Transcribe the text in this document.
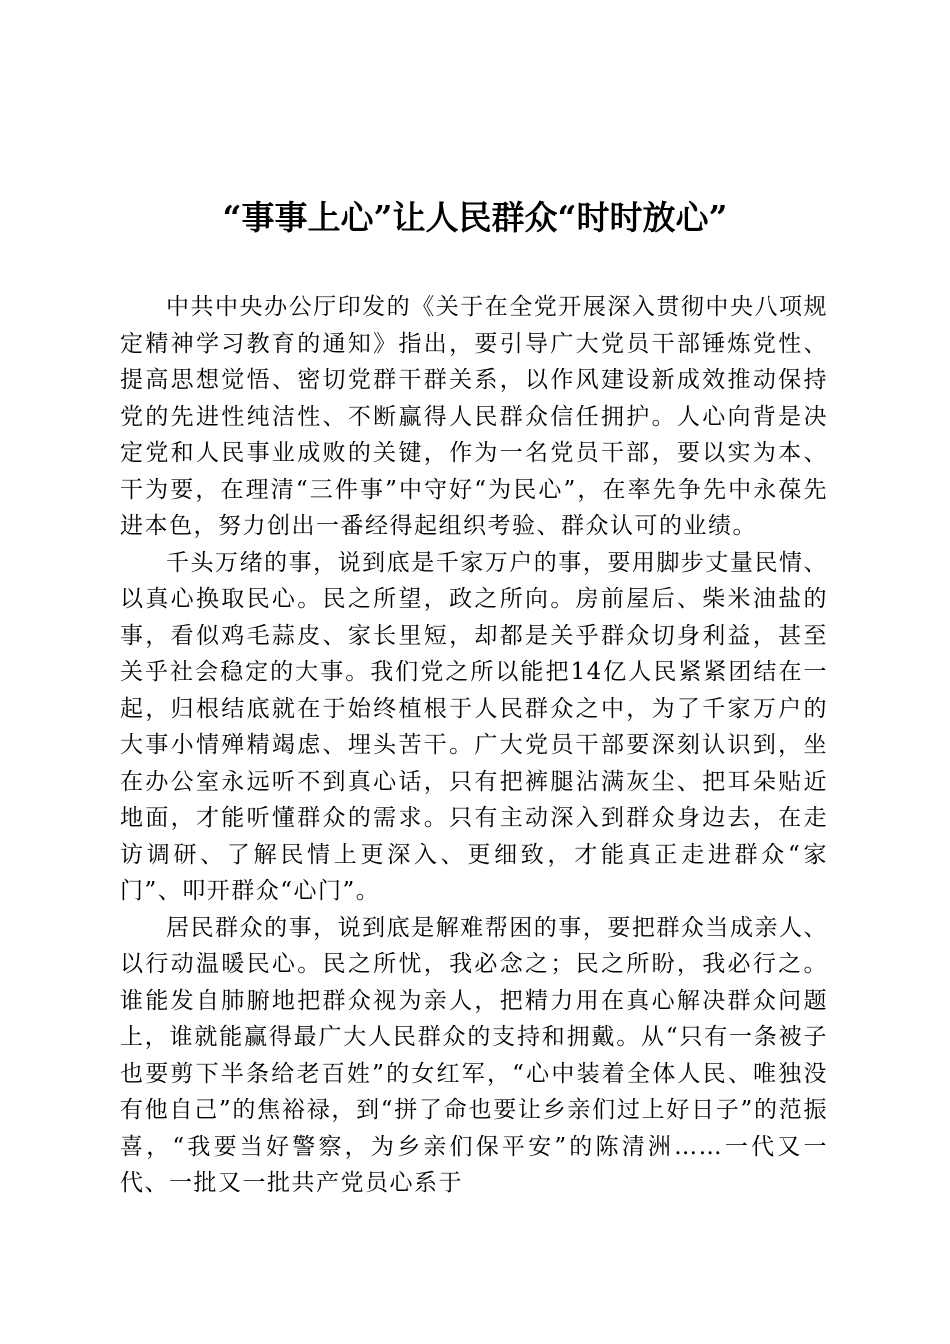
“事事上心”让人民群众“时时放心”

中共中央办公厅印发的《关于在全党开展深入贯彻中央八项规定精神学习教育的通知》指出，要引导广大党员干部锤炼党性、提高思想觉悟、密切党群干群关系，以作风建设新成效推动保持党的先进性纯洁性、不断赢得人民群众信任拥护。人心向背是决定党和人民事业成败的关键，作为一名党员干部，要以实为本、干为要，在理清“三件事”中守好“为民心”，在率先争先中永葆先进本色，努力创出一番经得起组织考验、群众认可的业绩。

千头万绪的事，说到底是千家万户的事，要用脚步丈量民情、以真心换取民心。民之所望，政之所向。房前屋后、柴米油盐的事，看似鸡毛蒜皮、家长里短，却都是关乎群众切身利益，甚至关乎社会稳定的大事。我们党之所以能把14亿人民紧紧团结在一起，归根结底就在于始终植根于人民群众之中，为了千家万户的大事小情殚精竭虑、埋头苦干。广大党员干部要深刻认识到，坐在办公室永远听不到真心话，只有把裤腿沾满灰尘、把耳朵贴近地面，才能听懂群众的需求。只有主动深入到群众身边去，在走访调研、了解民情上更深入、更细致，才能真正走进群众“家门”、叩开群众“心门”。

居民群众的事，说到底是解难帮困的事，要把群众当成亲人、以行动温暖民心。民之所忧，我必念之；民之所盼，我必行之。谁能发自肺腑地把群众视为亲人，把精力用在真心解决群众问题上，谁就能赢得最广大人民群众的支持和拥戴。从“只有一条被子也要剪下半条给老百姓”的女红军，“心中装着全体人民、唯独没有他自己”的焦裕禄，到“拼了命也要让乡亲们过上好日子”的范振喜，“我要当好警察，为乡亲们保平安”的陈清洲……一代又一代、一批又一批共产党员心系于
